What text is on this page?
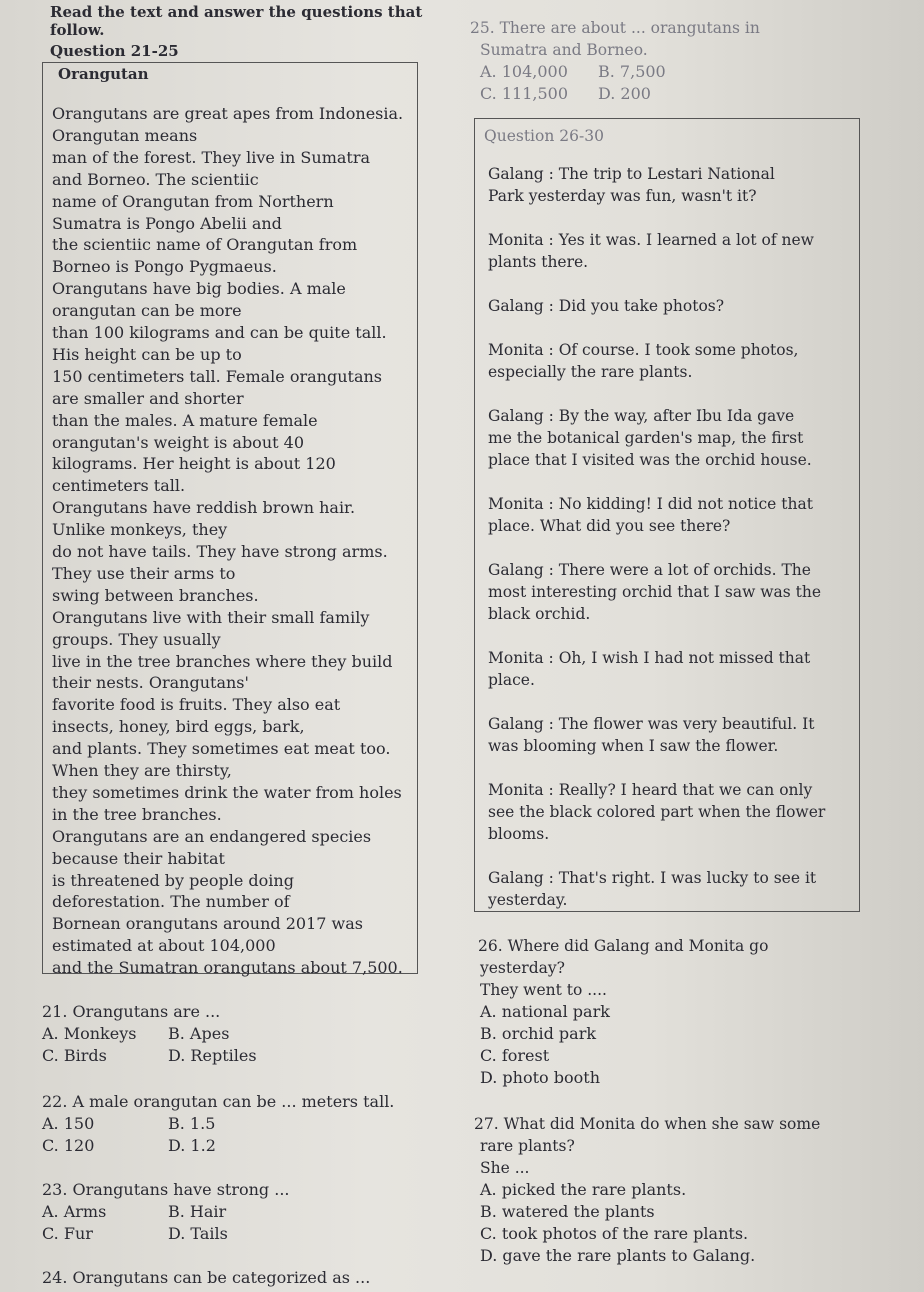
Read the text and answer the questions that
follow.
Question 21-25
Orangutan
Orangutans are great apes from Indonesia.
Orangutan means
man of the forest. They live in Sumatra
and Borneo. The scientiic
name of Orangutan from Northern
Sumatra is Pongo Abelii and
the scientiic name of Orangutan from
Borneo is Pongo Pygmaeus.
Orangutans have big bodies. A male
orangutan can be more
than 100 kilograms and can be quite tall.
His height can be up to
150 centimeters tall. Female orangutans
are smaller and shorter
than the males. A mature female
orangutan's weight is about 40
kilograms. Her height is about 120
centimeters tall.
Orangutans have reddish brown hair.
Unlike monkeys, they
do not have tails. They have strong arms.
They use their arms to
swing between branches.
Orangutans live with their small family
groups. They usually
live in the tree branches where they build
their nests. Orangutans'
favorite food is fruits. They also eat
insects, honey, bird eggs, bark,
and plants. They sometimes eat meat too.
When they are thirsty,
they sometimes drink the water from holes
in the tree branches.
Orangutans are an endangered species
because their habitat
is threatened by people doing
deforestation. The number of
Bornean orangutans around 2017 was
estimated at about 104,000
and the Sumatran orangutans about 7,500.
21. Orangutans are ...
A. Monkeys B. Apes
C. Birds	D. Reptiles
22. A male orangutan can be ... meters tall.
A. 150	B. 1.5
C. 120	D. 1.2
23. Orangutans have strong ...
A. Arms	B. Hair
C. Fur	D. Tails
24. Orangutans can be categorized as ...
25. There are about ... orangutans in
Sumatra and Borneo.
A. 104,000 B. 7,500
C. 111,500 D. 200
Question 26-30
Galang : The trip to Lestari National
Park yesterday was fun, wasn't it?
Monita : Yes it was. I learned a lot of new
plants there.
Galang : Did you take photos?
Monita : Of course. I took some photos,
especially the rare plants.
Galang : By the way, after Ibu Ida gave
me the botanical garden's map, the first
place that I visited was the orchid house.
Monita : No kidding! I did not notice that
place. What did you see there?
Galang : There were a lot of orchids. The
most interesting orchid that I saw was the
black orchid.
Monita : Oh, I wish I had not missed that
place.
Galang : The flower was very beautiful. It
was blooming when I saw the flower.
Monita : Really? I heard that we can only
see the black colored part when the flower
blooms.
Galang : That's right. I was lucky to see it
yesterday.
26. Where did Galang and Monita go
yesterday?
They went to ....
A. national park
B. orchid park
C. forest
D. photo booth
27. What did Monita do when she saw some
rare plants?
She ...
A. picked the rare plants.
B. watered the plants
C. took photos of the rare plants.
D. gave the rare plants to Galang.
